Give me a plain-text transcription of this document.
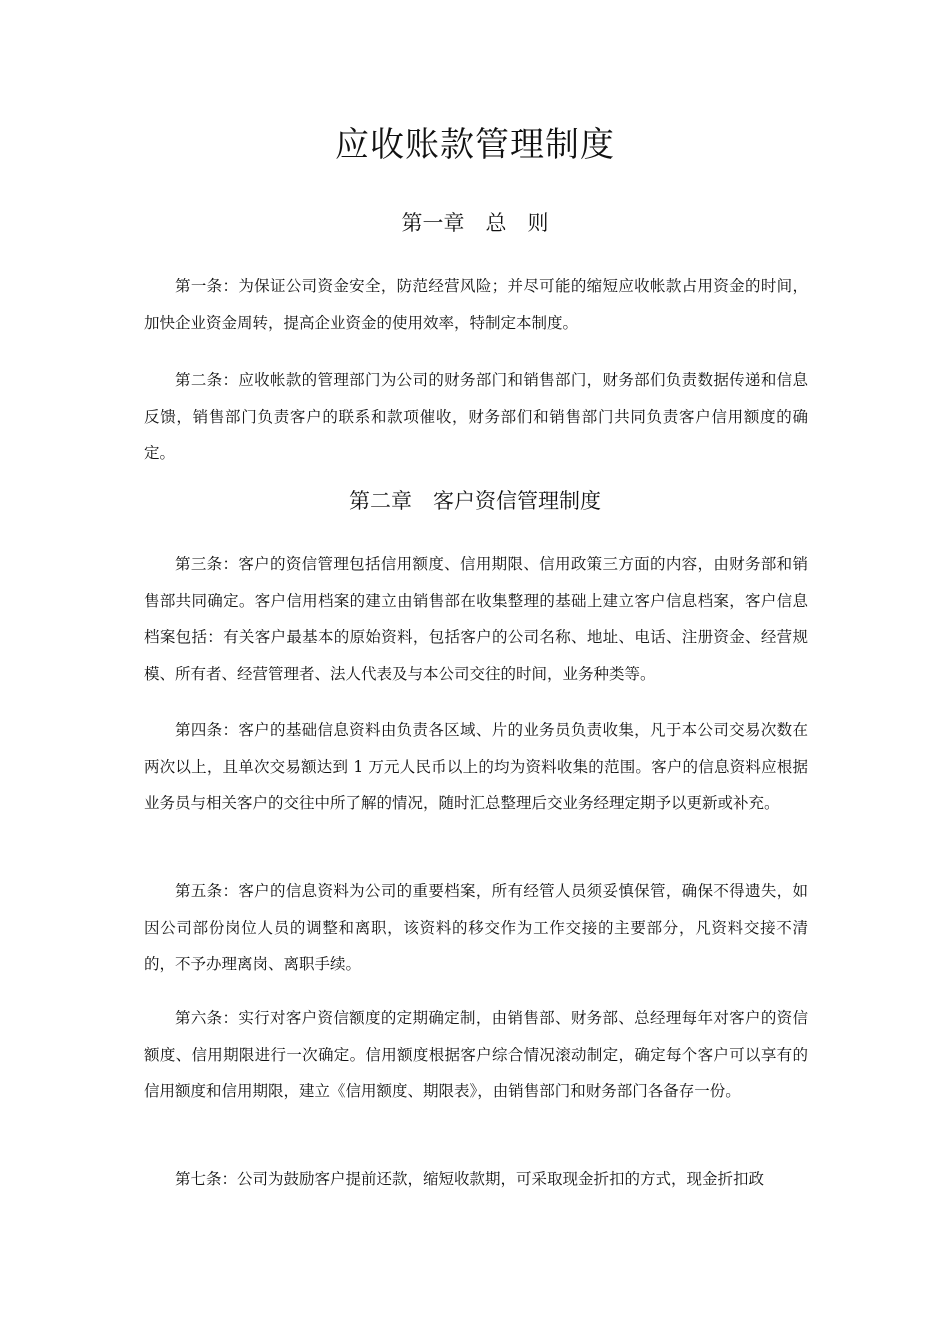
应收账款管理制度
第一章　总　则

第一条：为保证公司资金安全，防范经营风险；并尽可能的缩短应收帐款占用资金的时间，加快企业资金周转，提高企业资金的使用效率，特制定本制度。

第二条：应收帐款的管理部门为公司的财务部门和销售部门，财务部们负责数据传递和信息反馈，销售部门负责客户的联系和款项催收，财务部们和销售部门共同负责客户信用额度的确定。

第二章　客户资信管理制度

第三条：客户的资信管理包括信用额度、信用期限、信用政策三方面的内容，由财务部和销售部共同确定。客户信用档案的建立由销售部在收集整理的基础上建立客户信息档案，客户信息档案包括：有关客户最基本的原始资料，包括客户的公司名称、地址、电话、注册资金、经营规模、所有者、经营管理者、法人代表及与本公司交往的时间，业务种类等。

第四条：客户的基础信息资料由负责各区域、片的业务员负责收集，凡于本公司交易次数在两次以上，且单次交易额达到 1 万元人民币以上的均为资料收集的范围。客户的信息资料应根据业务员与相关客户的交往中所了解的情况，随时汇总整理后交业务经理定期予以更新或补充。

第五条：客户的信息资料为公司的重要档案，所有经管人员须妥慎保管，确保不得遗失，如因公司部份岗位人员的调整和离职，该资料的移交作为工作交接的主要部分，凡资料交接不清的，不予办理离岗、离职手续。

第六条：实行对客户资信额度的定期确定制，由销售部、财务部、总经理每年对客户的资信额度、信用期限进行一次确定。信用额度根据客户综合情况滚动制定，确定每个客户可以享有的信用额度和信用期限，建立《信用额度、期限表》，由销售部门和财务部门各备存一份。

第七条：公司为鼓励客户提前还款，缩短收款期，可采取现金折扣的方式，现金折扣政
